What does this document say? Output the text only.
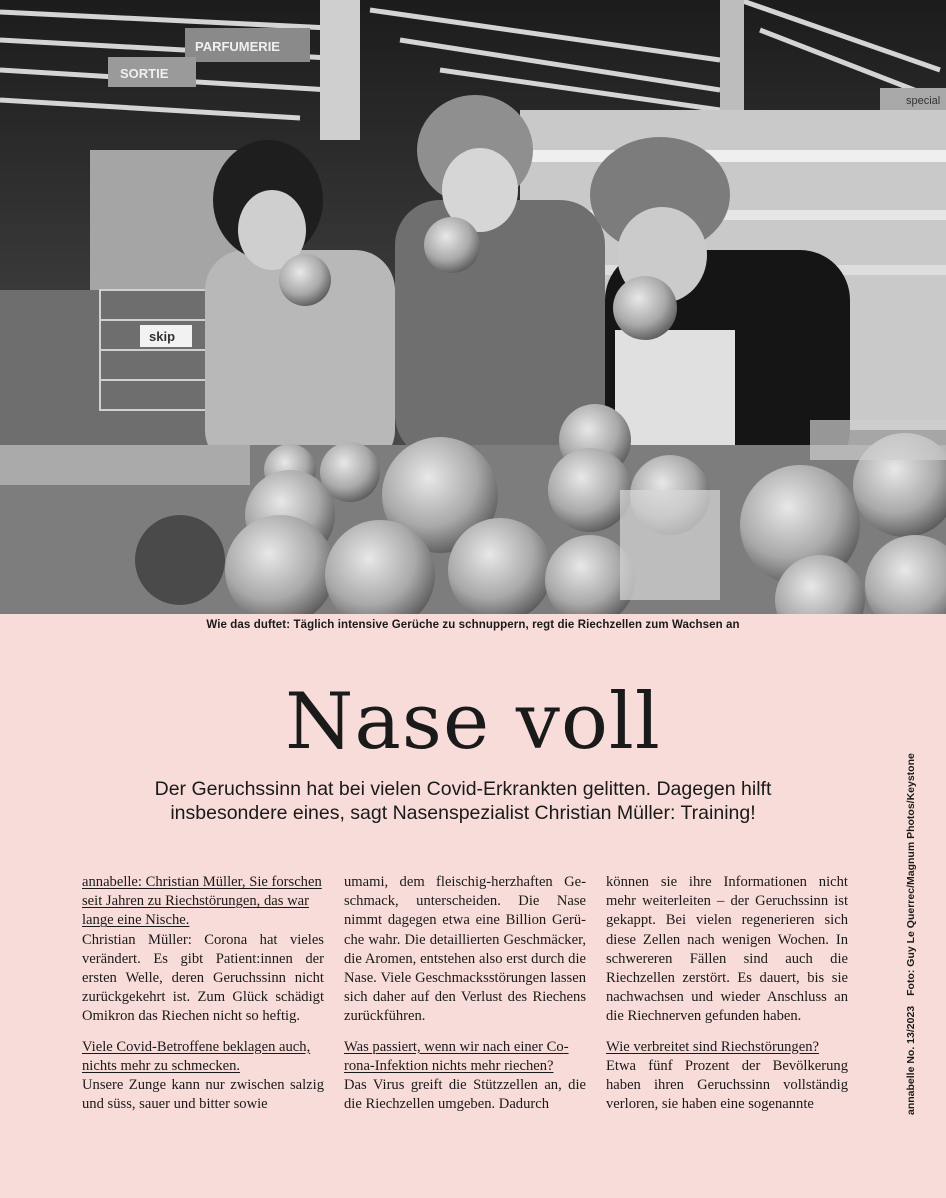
PARFUMERIE
SORTIE
special
skip
Wie das duftet: Täglich intensive Gerüche zu schnuppern, regt die Riechzellen zum Wachsen an
Nase voll

Der Geruchssinn hat bei vielen Covid-Erkrankten gelitten. Dagegen hilft insbesondere eines, sagt Nasenspezialist Christian Müller: Training!

annabelle: Christian Müller, Sie forschen seit Jahren zu Riechstörungen, das war lange eine Nische.

Christian Müller: Corona hat vieles verändert. Es gibt Patient:innen der ersten Welle, deren Geruchssinn nicht zurückgekehrt ist. Zum Glück schädigt Omikron das Riechen nicht so heftig.

Viele Covid-Betroffene beklagen auch, nichts mehr zu schmecken.

Unsere Zunge kann nur zwischen salzig und süss, sauer und bitter sowie

umami, dem fleischig-herzhaften Geschmack, unterscheiden. Die Nase nimmt dagegen etwa eine Billion Gerüche wahr. Die detaillierten Geschmäcker, die Aromen, entstehen also erst durch die Nase. Viele Geschmacksstörungen lassen sich daher auf den Verlust des Riechens zurückführen.

Was passiert, wenn wir nach einer Corona-Infektion nichts mehr riechen?

Das Virus greift die Stützzellen an, die die Riechzellen umgeben. Dadurch

können sie ihre Informationen nicht mehr weiterleiten – der Geruchssinn ist gekappt. Bei vielen regenerieren sich diese Zellen nach wenigen Wochen. In schwereren Fällen sind auch die Riechzellen zerstört. Es dauert, bis sie nachwachsen und wieder Anschluss an die Riechnerven gefunden haben.

Wie verbreitet sind Riechstörungen?

Etwa fünf Prozent der Bevölkerung haben ihren Geruchssinn vollständig verloren, sie haben eine sogenannte	annabelle No. 13/2023Foto: Guy Le Querrec/Magnum Photos/Keystone
